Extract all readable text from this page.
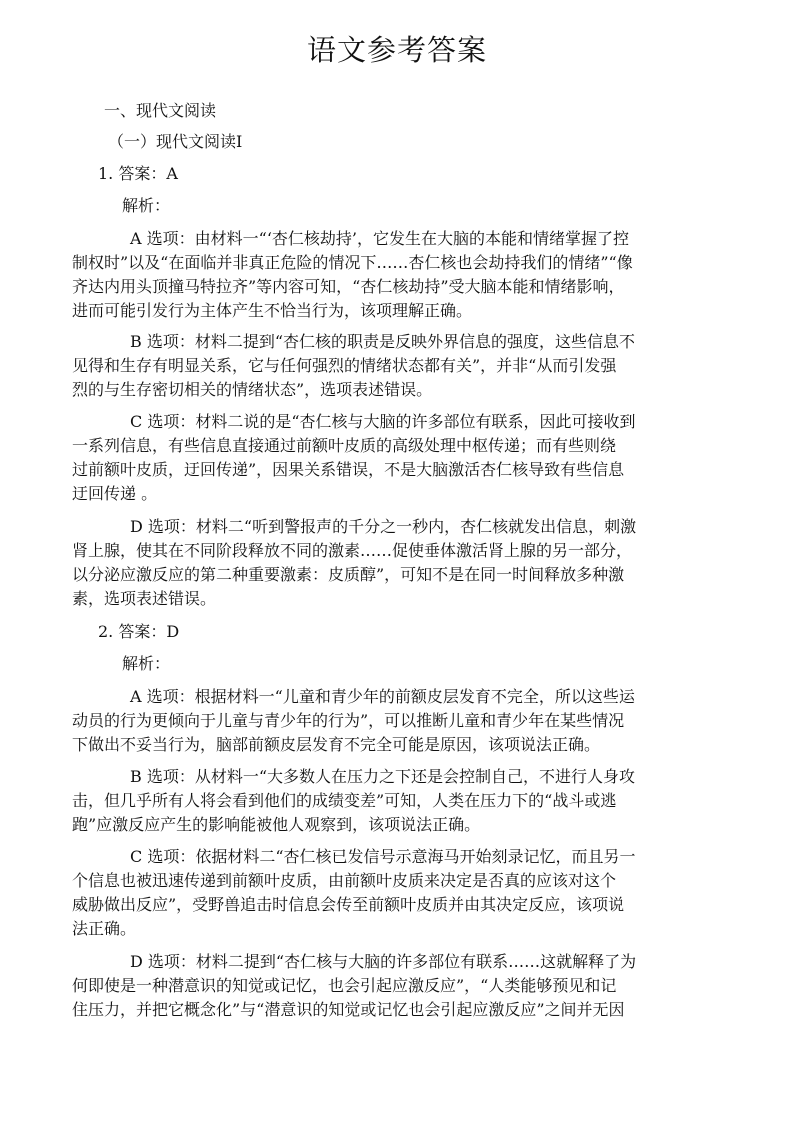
语文参考答案

一、现代文阅读

（一）现代文阅读I

1. 答案：A

解析：

A 选项：由材料一“‘杏仁核劫持’，它发生在大脑的本能和情绪掌握了控

制权时”以及“在面临并非真正危险的情况下……杏仁核也会劫持我们的情绪”“像

齐达内用头顶撞马特拉齐”等内容可知，“杏仁核劫持”受大脑本能和情绪影响，

进而可能引发行为主体产生不恰当行为，该项理解正确。

B 选项：材料二提到“杏仁核的职责是反映外界信息的强度，这些信息不

见得和生存有明显关系，它与任何强烈的情绪状态都有关”，并非“从而引发强

烈的与生存密切相关的情绪状态”，选项表述错误。

C 选项：材料二说的是“杏仁核与大脑的许多部位有联系，因此可接收到

一系列信息，有些信息直接通过前额叶皮质的高级处理中枢传递；而有些则绕

过前额叶皮质，迂回传递”，因果关系错误，不是大脑激活杏仁核导致有些信息

迂回传递 。

D 选项：材料二“听到警报声的千分之一秒内，杏仁核就发出信息，刺激

肾上腺，使其在不同阶段释放不同的激素……促使垂体激活肾上腺的另一部分，

以分泌应激反应的第二种重要激素：皮质醇”，可知不是在同一时间释放多种激

素，选项表述错误。

2. 答案：D

解析：

A 选项：根据材料一“儿童和青少年的前额皮层发育不完全，所以这些运

动员的行为更倾向于儿童与青少年的行为”，可以推断儿童和青少年在某些情况

下做出不妥当行为，脑部前额皮层发育不完全可能是原因，该项说法正确。

B 选项：从材料一“大多数人在压力之下还是会控制自己，不进行人身攻

击，但几乎所有人将会看到他们的成绩变差”可知，人类在压力下的“战斗或逃

跑”应激反应产生的影响能被他人观察到，该项说法正确。

C 选项：依据材料二“杏仁核已发信号示意海马开始刻录记忆，而且另一

个信息也被迅速传递到前额叶皮质，由前额叶皮质来决定是否真的应该对这个

威胁做出反应”，受野兽追击时信息会传至前额叶皮质并由其决定反应，该项说

法正确。

D 选项：材料二提到“杏仁核与大脑的许多部位有联系……这就解释了为

何即使是一种潜意识的知觉或记忆，也会引起应激反应”，“人类能够预见和记

住压力，并把它概念化”与“潜意识的知觉或记忆也会引起应激反应”之间并无因
